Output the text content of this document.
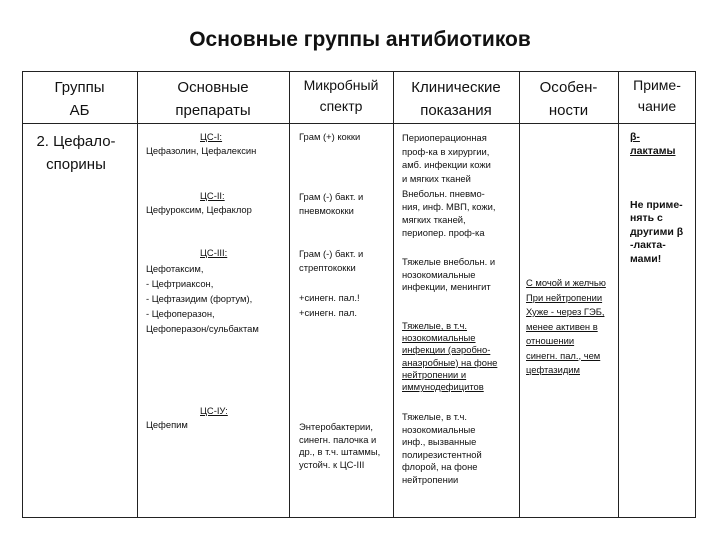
Основные группы антибиотиков
Группы
АБ
Основные
препараты
Микробный
спектр
Клинические
показания
Особен-
ности
Приме-
чание
2. Цефало-
спорины
ЦС-I:
Цефазолин, Цефалексин
Грам (+) кокки	Периоперационная
проф-ка в хирургии,
амб. инфекции кожи
и мягких тканей
ЦС-II:
Цефуроксим, Цефаклор
Грам (-) бакт. и
пневмококки
Внебольн. пневмо-
ния, инф. МВП, кожи,
мягких тканей,
периопер. проф-ка
ЦС-III:
Цефотаксим,
- Цефтриаксон,
- Цефтазидим (фортум),
- Цефоперазон,
Цефоперазон/сульбактам
Грам (-) бакт. и
стрептококки
+синегн. пал.!
+синегн. пал.
Тяжелые внебольн. и
нозокомиальные
инфекции, менингит
Тяжелые, в т.ч.
нозокомиальные
инфекции (аэробно-
анаэробные) на фоне
нейтропении и
иммунодефицитов
С мочой и желчью
При нейтропении
Хуже - через ГЭБ,
менее активен в
отношении
синегн. пал., чем
цефтазидим
ЦС-IУ:
Цефепим	Энтеробактерии,
синегн. палочка и
др., в т.ч. штаммы,
устойч. к ЦС-III
Тяжелые, в т.ч.
нозокомиальные
инф., вызванные
полирезистентной
флорой, на фоне
нейтропении
β-
лактамы
Не приме-
нять с
другими β
-лакта-
мами!
